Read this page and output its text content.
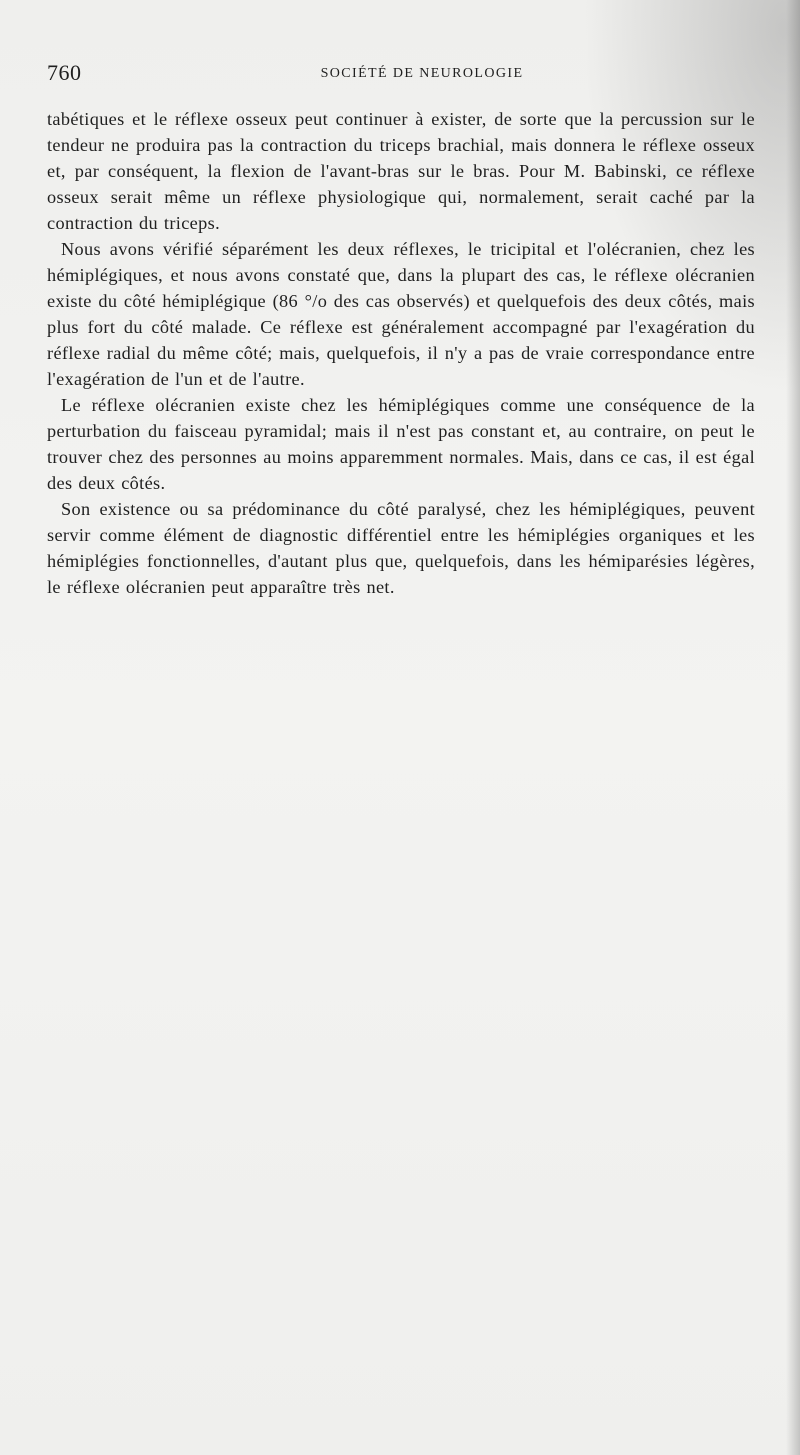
760	SOCIÉTÉ DE NEUROLOGIE

tabétiques et le réflexe osseux peut continuer à exister, de sorte que la percussion sur le tendeur ne produira pas la contraction du triceps brachial, mais donnera le réflexe osseux et, par conséquent, la flexion de l'avant-bras sur le bras. Pour M. Babinski, ce réflexe osseux serait même un réflexe physiologique qui, normalement, serait caché par la contraction du triceps.

Nous avons vérifié séparément les deux réflexes, le tricipital et l'olécranien, chez les hémiplégiques, et nous avons constaté que, dans la plupart des cas, le réflexe olécranien existe du côté hémiplégique (86 °/o des cas observés) et quelquefois des deux côtés, mais plus fort du côté malade. Ce réflexe est généralement accompagné par l'exagération du réflexe radial du même côté; mais, quelquefois, il n'y a pas de vraie correspondance entre l'exagération de l'un et de l'autre.

Le réflexe olécranien existe chez les hémiplégiques comme une conséquence de la perturbation du faisceau pyramidal; mais il n'est pas constant et, au contraire, on peut le trouver chez des personnes au moins apparemment normales. Mais, dans ce cas, il est égal des deux côtés.

Son existence ou sa prédominance du côté paralysé, chez les hémiplégiques, peuvent servir comme élément de diagnostic différentiel entre les hémiplégies organiques et les hémiplégies fonctionnelles, d'autant plus que, quelquefois, dans les hémiparésies légères, le réflexe olécranien peut apparaître très net.
